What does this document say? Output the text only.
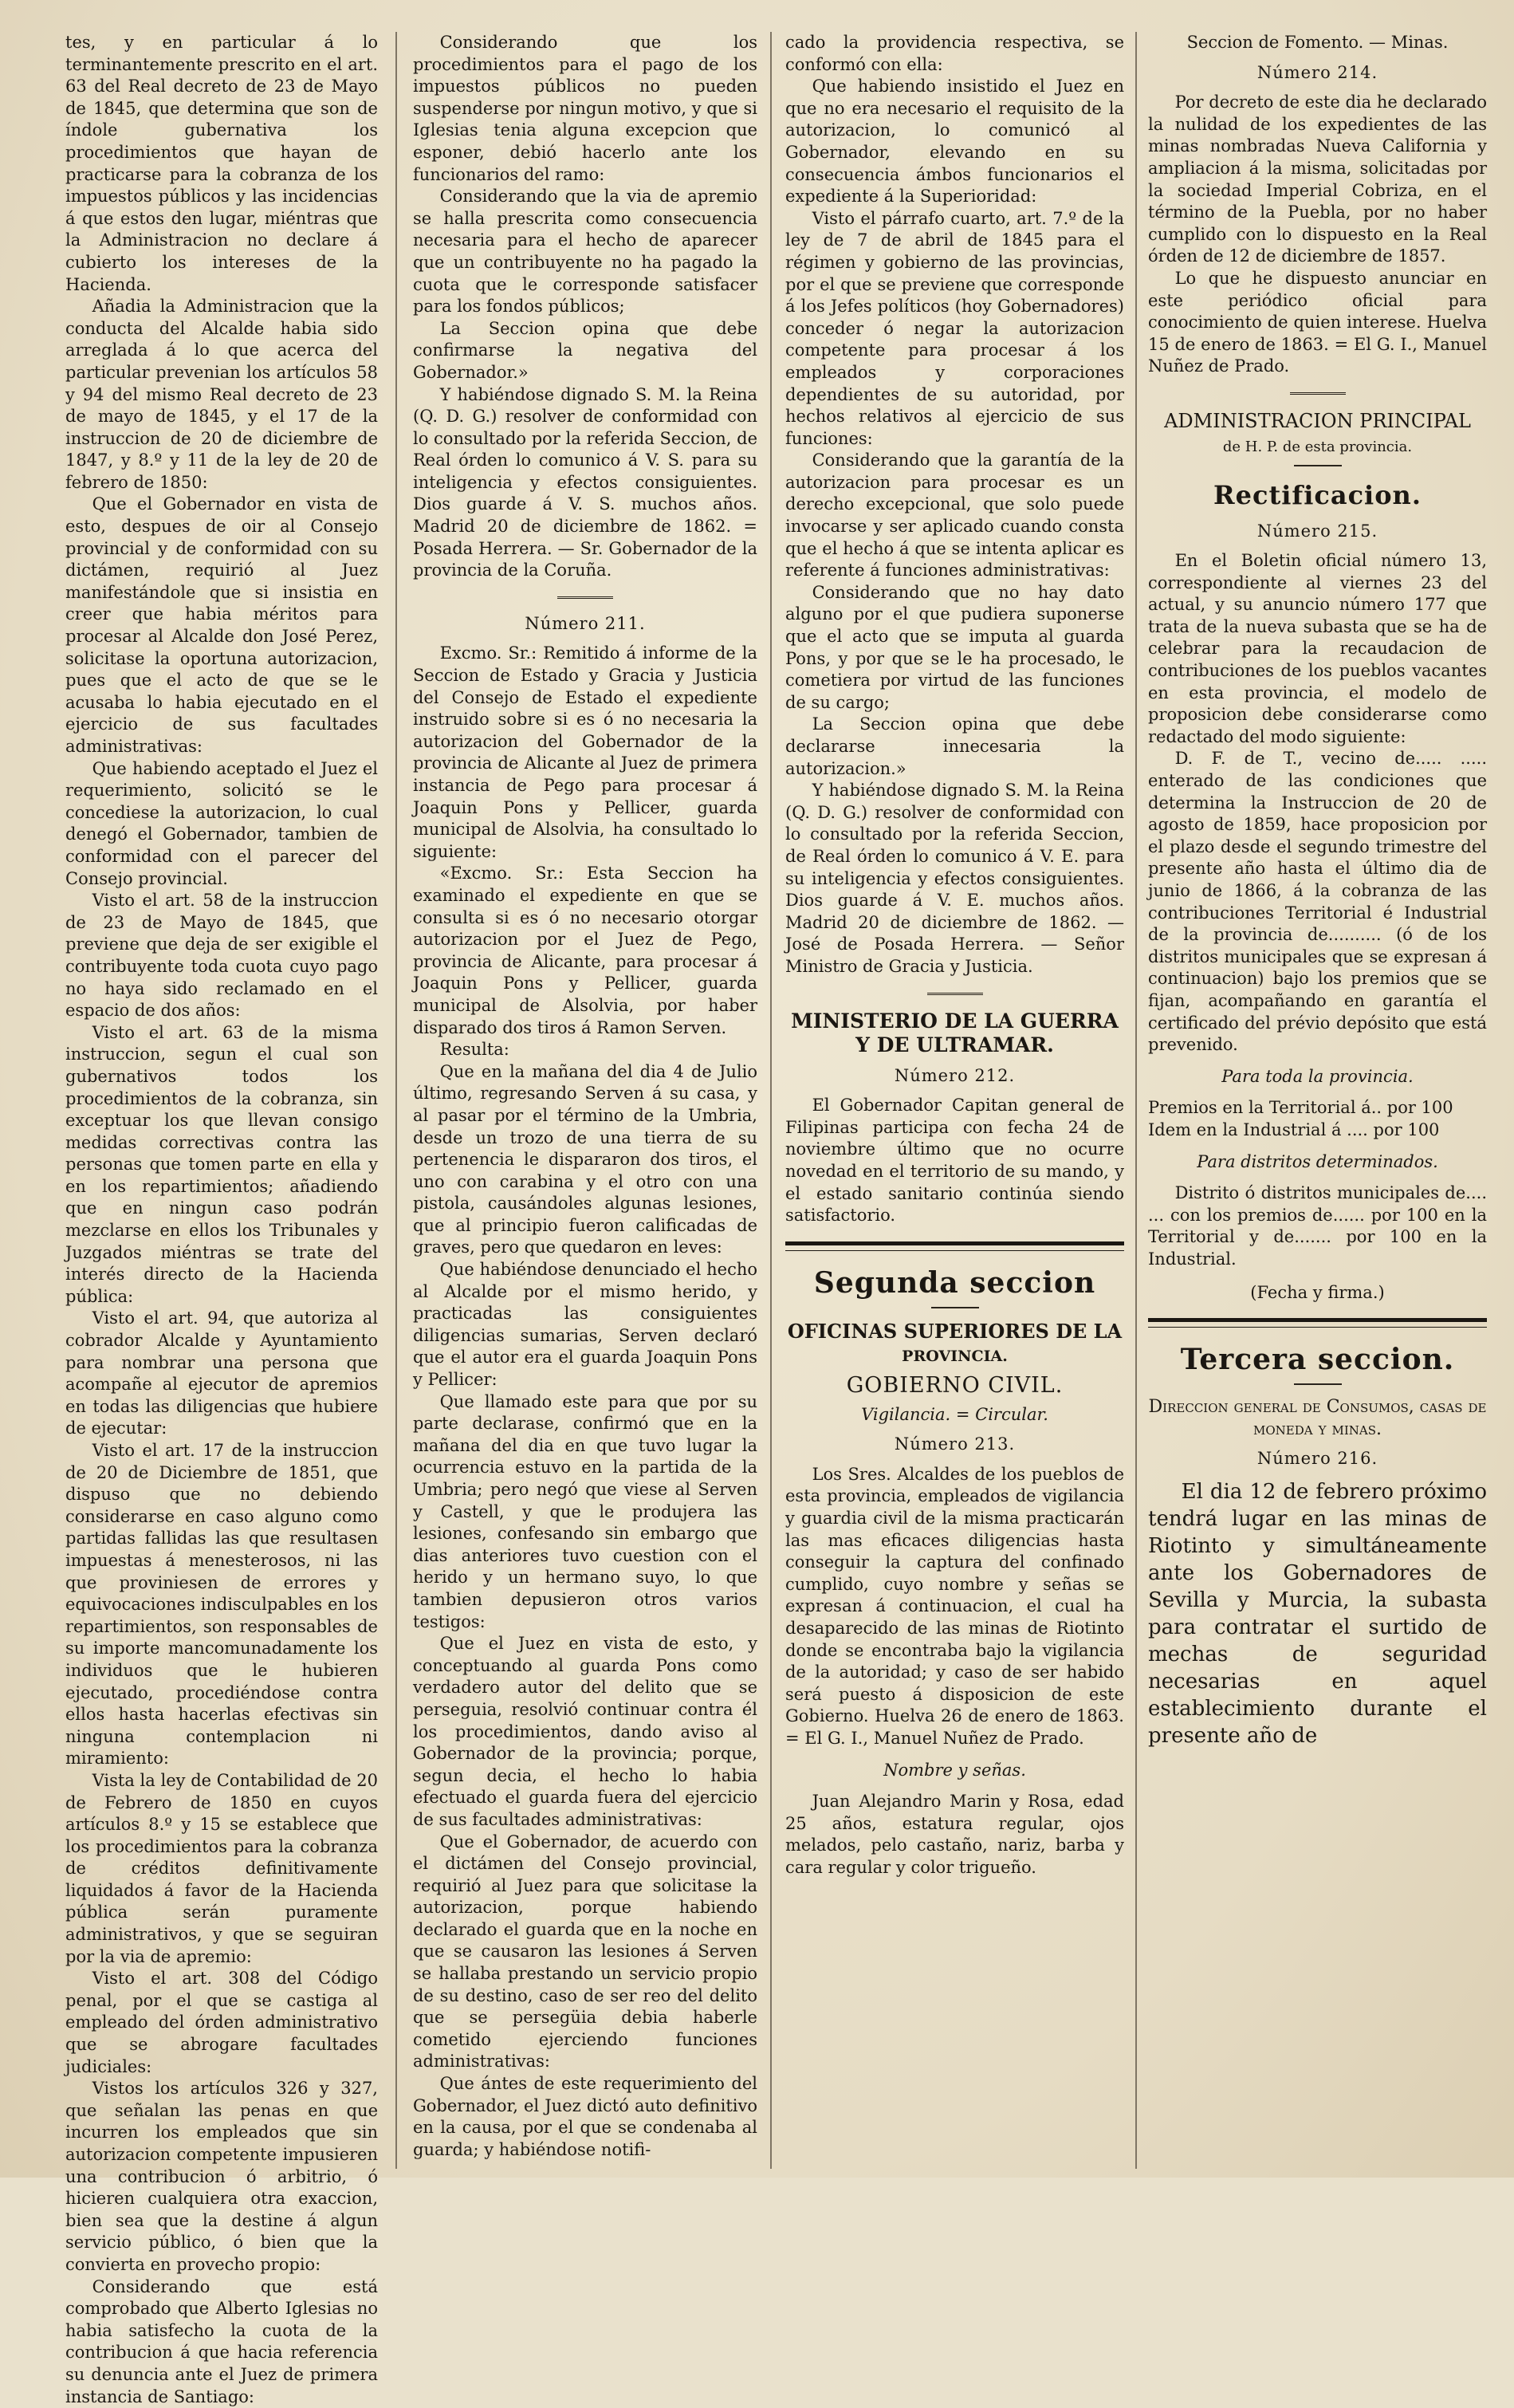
tes, y en particular á lo terminantemente prescrito en el art. 63 del Real decreto de 23 de Mayo de 1845, que determina que son de índole gubernativa los procedimientos que hayan de practicarse para la cobranza de los impuestos públicos y las incidencias á que estos den lugar, miéntras que la Administracion no declare á cubierto los intereses de la Hacienda.

Añadia la Administracion que la conducta del Alcalde habia sido arreglada á lo que acerca del particular prevenian los artículos 58 y 94 del mismo Real decreto de 23 de mayo de 1845, y el 17 de la instruccion de 20 de diciembre de 1847, y 8.º y 11 de la ley de 20 de febrero de 1850:

Que el Gobernador en vista de esto, despues de oir al Consejo provincial y de conformidad con su dictámen, requirió al Juez manifestándole que si insistia en creer que habia méritos para procesar al Alcalde don José Perez, solicitase la oportuna autorizacion, pues que el acto de que se le acusaba lo habia ejecutado en el ejercicio de sus facultades administrativas:

Que habiendo aceptado el Juez el requerimiento, solicitó se le concediese la autorizacion, lo cual denegó el Gobernador, tambien de conformidad con el parecer del Consejo provincial.

Visto el art. 58 de la instruccion de 23 de Mayo de 1845, que previene que deja de ser exigible el contribuyente toda cuota cuyo pago no haya sido reclamado en el espacio de dos años:

Visto el art. 63 de la misma instruccion, segun el cual son gubernativos todos los procedimientos de la cobranza, sin exceptuar los que llevan consigo medidas correctivas contra las personas que tomen parte en ella y en los repartimientos; añadiendo que en ningun caso podrán mezclarse en ellos los Tribunales y Juzgados miéntras se trate del interés directo de la Hacienda pública:

Visto el art. 94, que autoriza al cobrador Alcalde y Ayuntamiento para nombrar una persona que acompañe al ejecutor de apremios en todas las diligencias que hubiere de ejecutar:

Visto el art. 17 de la instruccion de 20 de Diciembre de 1851, que dispuso que no debiendo considerarse en caso alguno como partidas fallidas las que resultasen impuestas á menesterosos, ni las que proviniesen de errores y equivocaciones indisculpables en los repartimientos, son responsables de su importe mancomunadamente los individuos que le hubieren ejecutado, procediéndose contra ellos hasta hacerlas efectivas sin ninguna contemplacion ni miramiento:

Vista la ley de Contabilidad de 20 de Febrero de 1850 en cuyos artículos 8.º y 15 se establece que los procedimientos para la cobranza de créditos definitivamente liquidados á favor de la Hacienda pública serán puramente administrativos, y que se seguiran por la via de apremio:

Visto el art. 308 del Código penal, por el que se castiga al empleado del órden administrativo que se abrogare facultades judiciales:

Vistos los artículos 326 y 327, que señalan las penas en que incurren los empleados que sin autorizacion competente impusieren una contribucion ó arbitrio, ó hicieren cualquiera otra exaccion, bien sea que la destine á algun servicio público, ó bien que la convierta en provecho propio:

Considerando que está comprobado que Alberto Iglesias no habia satisfecho la cuota de la contribucion á que hacia referencia su denuncia ante el Juez de primera instancia de Santiago:

Considerando que los procedimientos para el pago de los impuestos públicos no pueden suspenderse por ningun motivo, y que si Iglesias tenia alguna excepcion que esponer, debió hacerlo ante los funcionarios del ramo:

Considerando que la via de apremio se halla prescrita como consecuencia necesaria para el hecho de aparecer que un contribuyente no ha pagado la cuota que le corresponde satisfacer para los fondos públicos;

La Seccion opina que debe confirmarse la negativa del Gobernador.»

Y habiéndose dignado S. M. la Reina (Q. D. G.) resolver de conformidad con lo consultado por la referida Seccion, de Real órden lo comunico á V. S. para su inteligencia y efectos consiguientes. Dios guarde á V. S. muchos años. Madrid 20 de diciembre de 1862. = Posada Herrera. — Sr. Gobernador de la provincia de la Coruña.

Número 211.

Excmo. Sr.: Remitido á informe de la Seccion de Estado y Gracia y Justicia del Consejo de Estado el expediente instruido sobre si es ó no necesaria la autorizacion del Gobernador de la provincia de Alicante al Juez de primera instancia de Pego para procesar á Joaquin Pons y Pellicer, guarda municipal de Alsolvia, ha consultado lo siguiente:

«Excmo. Sr.: Esta Seccion ha examinado el expediente en que se consulta si es ó no necesario otorgar autorizacion por el Juez de Pego, provincia de Alicante, para procesar á Joaquin Pons y Pellicer, guarda municipal de Alsolvia, por haber disparado dos tiros á Ramon Serven.

Resulta:

Que en la mañana del dia 4 de Julio último, regresando Serven á su casa, y al pasar por el término de la Umbria, desde un trozo de una tierra de su pertenencia le dispararon dos tiros, el uno con carabina y el otro con una pistola, causándoles algunas lesiones, que al principio fueron calificadas de graves, pero que quedaron en leves:

Que habiéndose denunciado el hecho al Alcalde por el mismo herido, y practicadas las consiguientes diligencias sumarias, Serven declaró que el autor era el guarda Joaquin Pons y Pellicer:

Que llamado este para que por su parte declarase, confirmó que en la mañana del dia en que tuvo lugar la ocurrencia estuvo en la partida de la Umbria; pero negó que viese al Serven y Castell, y que le produjera las lesiones, confesando sin embargo que dias anteriores tuvo cuestion con el herido y un hermano suyo, lo que tambien depusieron otros varios testigos:

Que el Juez en vista de esto, y conceptuando al guarda Pons como verdadero autor del delito que se perseguia, resolvió continuar contra él los procedimientos, dando aviso al Gobernador de la provincia; porque, segun decia, el hecho lo habia efectuado el guarda fuera del ejercicio de sus facultades administrativas:

Que el Gobernador, de acuerdo con el dictámen del Consejo provincial, requirió al Juez para que solicitase la autorizacion, porque habiendo declarado el guarda que en la noche en que se causaron las lesiones á Serven se hallaba prestando un servicio propio de su destino, caso de ser reo del delito que se persegüia debia haberle cometido ejerciendo funciones administrativas:

Que ántes de este requerimiento del Gobernador, el Juez dictó auto definitivo en la causa, por el que se condenaba al guarda; y habiéndose notifi-

cado la providencia respectiva, se conformó con ella:

Que habiendo insistido el Juez en que no era necesario el requisito de la autorizacion, lo comunicó al Gobernador, elevando en su consecuencia ámbos funcionarios el expediente á la Superioridad:

Visto el párrafo cuarto, art. 7.º de la ley de 7 de abril de 1845 para el régimen y gobierno de las provincias, por el que se previene que corresponde á los Jefes políticos (hoy Gobernadores) conceder ó negar la autorizacion competente para procesar á los empleados y corporaciones dependientes de su autoridad, por hechos relativos al ejercicio de sus funciones:

Considerando que la garantía de la autorizacion para procesar es un derecho excepcional, que solo puede invocarse y ser aplicado cuando consta que el hecho á que se intenta aplicar es referente á funciones administrativas:

Considerando que no hay dato alguno por el que pudiera suponerse que el acto que se imputa al guarda Pons, y por que se le ha procesado, le cometiera por virtud de las funciones de su cargo;

La Seccion opina que debe declararse innecesaria la autorizacion.»

Y habiéndose dignado S. M. la Reina (Q. D. G.) resolver de conformidad con lo consultado por la referida Seccion, de Real órden lo comunico á V. E. para su inteligencia y efectos consiguientes. Dios guarde á V. E. muchos años. Madrid 20 de diciembre de 1862. — José de Posada Herrera. — Señor Ministro de Gracia y Justicia.

MINISTERIO DE LA GUERRA Y DE ULTRAMAR.

Número 212.

El Gobernador Capitan general de Filipinas participa con fecha 24 de noviembre último que no ocurre novedad en el territorio de su mando, y el estado sanitario continúa siendo satisfactorio.

Segunda seccion

OFICINAS SUPERIORES DE LA

PROVINCIA.

GOBIERNO CIVIL.

Vigilancia. = Circular.

Número 213.

Los Sres. Alcaldes de los pueblos de esta provincia, empleados de vigilancia y guardia civil de la misma practicarán las mas eficaces diligencias hasta conseguir la captura del confinado cumplido, cuyo nombre y señas se expresan á continuacion, el cual ha desaparecido de las minas de Riotinto donde se encontraba bajo la vigilancia de la autoridad; y caso de ser habido será puesto á disposicion de este Gobierno. Huelva 26 de enero de 1863. = El G. I., Manuel Nuñez de Prado.

Nombre y señas.

Juan Alejandro Marin y Rosa, edad 25 años, estatura regular, ojos melados, pelo castaño, nariz, barba y cara regular y color trigueño.

Seccion de Fomento. — Minas.

Número 214.

Por decreto de este dia he declarado la nulidad de los expedientes de las minas nombradas Nueva California y ampliacion á la misma, solicitadas por la sociedad Imperial Cobriza, en el término de la Puebla, por no haber cumplido con lo dispuesto en la Real órden de 12 de diciembre de 1857.

Lo que he dispuesto anunciar en este periódico oficial para conocimiento de quien interese. Huelva 15 de enero de 1863. = El G. I., Manuel Nuñez de Prado.

ADMINISTRACION PRINCIPAL

de H. P. de esta provincia.

Rectificacion.

Número 215.

En el Boletin oficial número 13, correspondiente al viernes 23 del actual, y su anuncio número 177 que trata de la nueva subasta que se ha de celebrar para la recaudacion de contribuciones de los pueblos vacantes en esta provincia, el modelo de proposicion debe considerarse como redactado del modo siguiente:

D. F. de T., vecino de..... ..... enterado de las condiciones que determina la Instruccion de 20 de agosto de 1859, hace proposicion por el plazo desde el segundo trimestre del presente año hasta el último dia de junio de 1866, á la cobranza de las contribuciones Territorial é Industrial de la provincia de.......... (ó de los distritos municipales que se expresan á continuacion) bajo los premios que se fijan, acompañando en garantía el certificado del prévio depósito que está prevenido.

Para toda la provincia.

Premios en la Territorial á.. por 100

Idem en la Industrial á .... por 100

Para distritos determinados.

Distrito ó distritos municipales de.... ... con los premios de...... por 100 en la Territorial y de....... por 100 en la Industrial.

(Fecha y firma.)

Tercera seccion.

Direccion general de Consumos, casas de moneda y minas.

Número 216.

El dia 12 de febrero próximo tendrá lugar en las minas de Riotinto y simultáneamente ante los Gobernadores de Sevilla y Murcia, la subasta para contratar el surtido de mechas de seguridad necesarias en aquel establecimiento durante el presente año de
